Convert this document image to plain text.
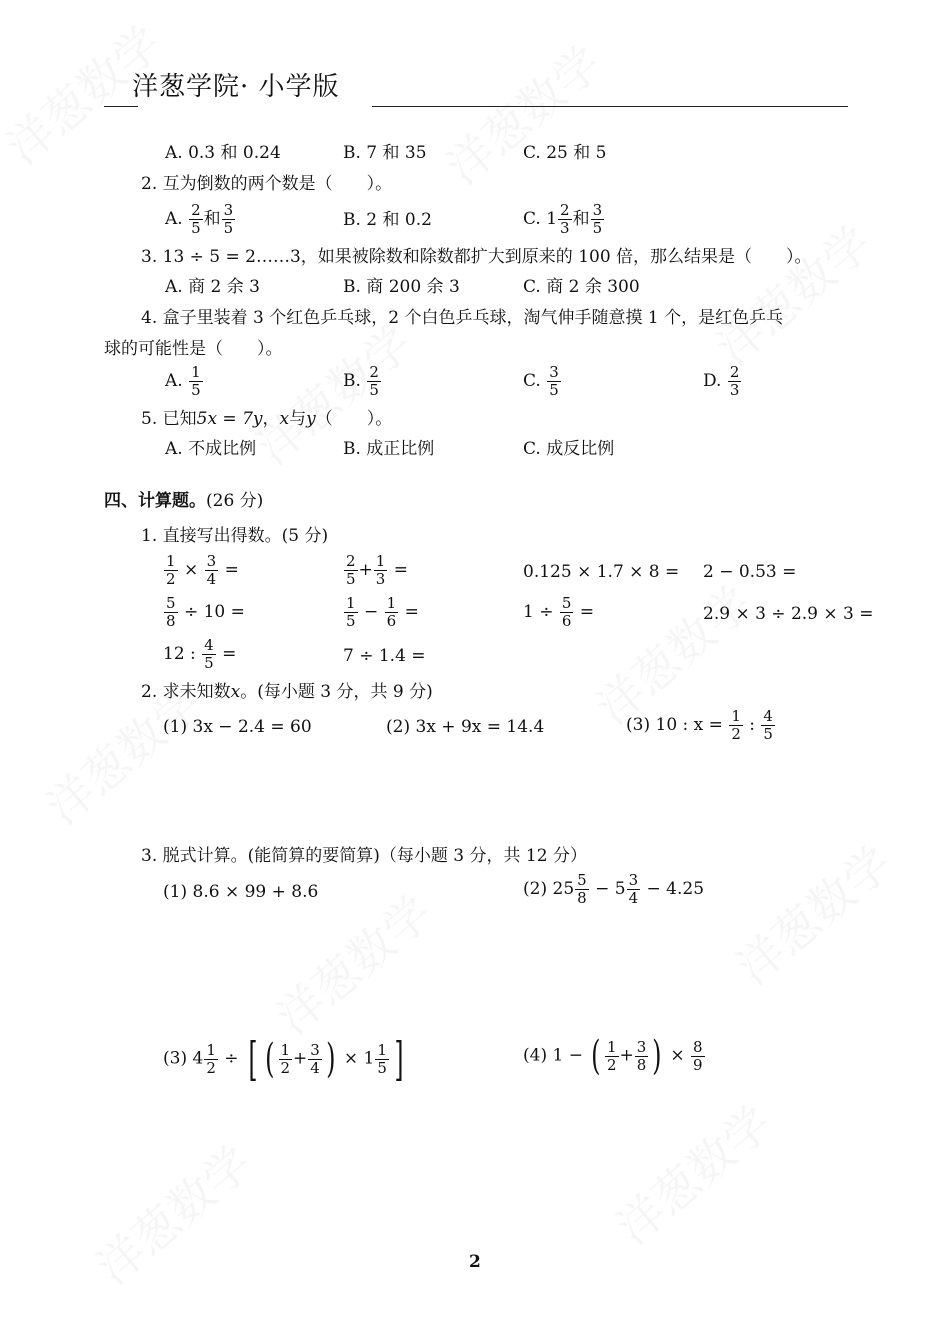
洋葱学院· 小学版
A. 0.3 和 0.24	B. 7 和 35	C. 25 和 5
2. 互为倒数的两个数是（　　）。
A. $\frac{2}{5}$ 和 $\frac{3}{5}$	B. 2 和 0.2	C. $1 \frac{2}{3}$ 和 $\frac{3}{5}$
3. 13 ÷ 5 = 2……3，如果被除数和除数都扩大到原来的 100 倍，那么结果是（　　）。
A. 商 2 余 3	B. 商 200 余 3	C. 商 2 余 300
4. 盒子里装着 3 个红色乒乓球，2 个白色乒乓球，淘气伸手随意摸 1 个，是红色乒乓
球的可能性是（　　）。
A. $\frac{1}{5}$	B. $\frac{2}{5}$	C. $\frac{3}{5}$	D. $\frac{2}{3}$
5. 已知5x = 7y，x与y（　　）。
A. 不成比例	B. 成正比例	C. 成反比例
四、计算题。(26 分)
1. 直接写出得数。(5 分)
$\frac{1}{2} \times \frac{3}{4}$ =	$\frac{2}{5} + \frac{1}{3}$ =	0.125 × 1.7 × 8 = 2 − 0.53 =
$\frac{5}{8} \div 10$ =	$\frac{1}{5} - \frac{1}{6}$ =	$1 \div \frac{5}{6}$ =	2.9 × 3 ÷ 2.9 × 3 =
12 : $\frac{4}{5}$ =	7 ÷ 1.4 =
2. 求未知数x。(每小题 3 分，共 9 分)
(1) 3x − 2.4 = 60	(2) 3x + 9x = 14.4	(3) 10 : $x = \frac{1}{2}$ : $\frac{4}{5}$
3. 脱式计算。(能简算的要简算)（每小题 3 分，共 12 分）
(1) 8.6 × 99 + 8.6	(2) $25 \frac{5}{8} - 5 \frac{3}{4} - 4.25$
(3) $4 \frac{1}{2}$ ÷ [ ( $\frac{1}{2} + \frac{3}{4}$ ) × $1 \frac{1}{5}$ ]	(4) 1 − ( $\frac{1}{2} + \frac{3}{8}$ ) × $\frac{8}{9}$
2
